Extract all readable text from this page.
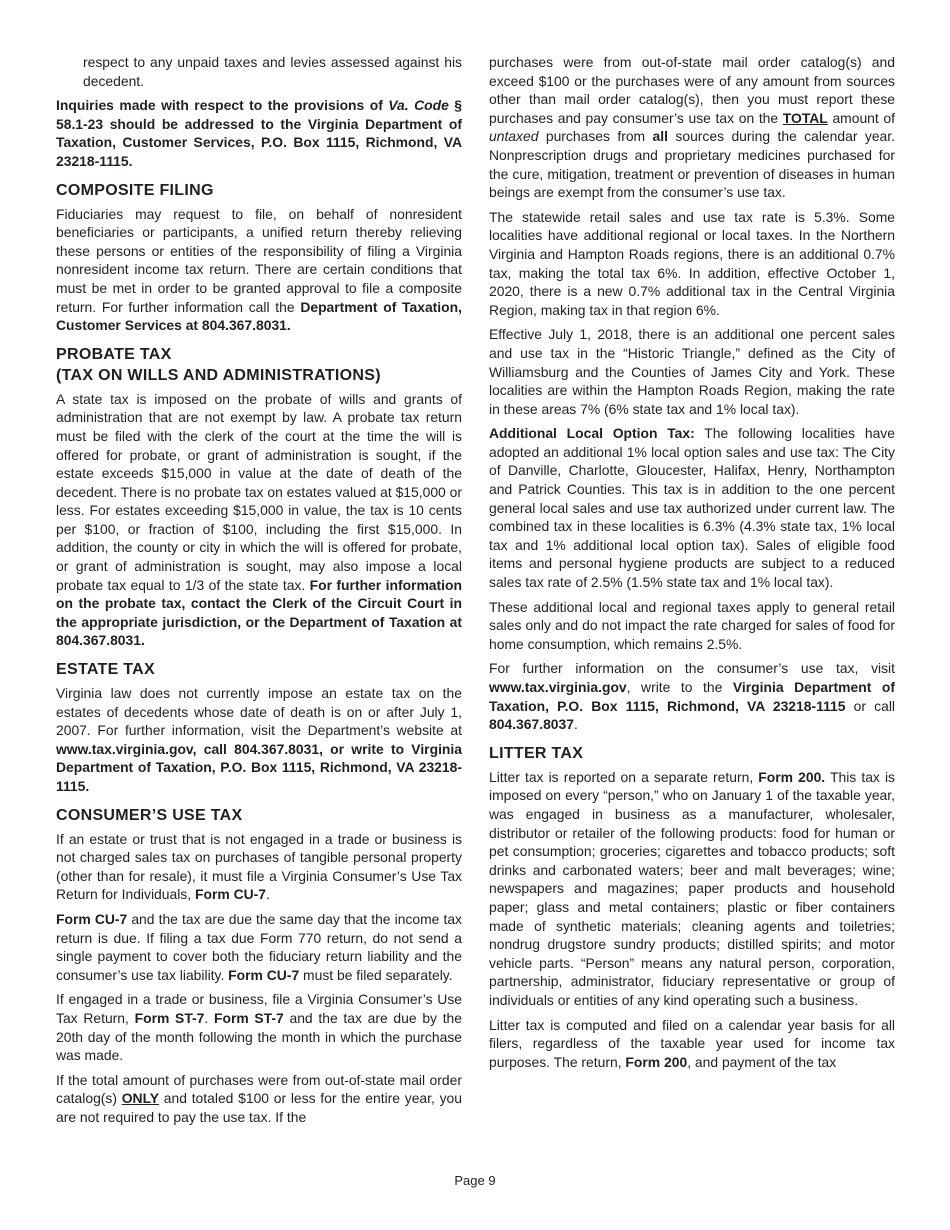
respect to any unpaid taxes and levies assessed against his decedent.

Inquiries made with respect to the provisions of Va. Code § 58.1-23 should be addressed to the Virginia Department of Taxation, Customer Services, P.O. Box 1115, Richmond, VA 23218-1115.

COMPOSITE FILING

Fiduciaries may request to file, on behalf of nonresident beneficiaries or participants, a unified return thereby relieving these persons or entities of the responsibility of filing a Virginia nonresident income tax return. There are certain conditions that must be met in order to be granted approval to file a composite return. For further information call the Department of Taxation, Customer Services at 804.367.8031.

PROBATE TAX
(TAX ON WILLS AND ADMINISTRATIONS)

A state tax is imposed on the probate of wills and grants of administration that are not exempt by law. A probate tax return must be filed with the clerk of the court at the time the will is offered for probate, or grant of administration is sought, if the estate exceeds $15,000 in value at the date of death of the decedent. There is no probate tax on estates valued at $15,000 or less. For estates exceeding $15,000 in value, the tax is 10 cents per $100, or fraction of $100, including the first $15,000. In addition, the county or city in which the will is offered for probate, or grant of administration is sought, may also impose a local probate tax equal to 1/3 of the state tax. For further information on the probate tax, contact the Clerk of the Circuit Court in the appropriate jurisdiction, or the Department of Taxation at 804.367.8031.

ESTATE TAX

Virginia law does not currently impose an estate tax on the estates of decedents whose date of death is on or after July 1, 2007. For further information, visit the Department’s website at www.tax.virginia.gov, call 804.367.8031, or write to Virginia Department of Taxation, P.O. Box 1115, Richmond, VA 23218-1115.

CONSUMER’S USE TAX

If an estate or trust that is not engaged in a trade or business is not charged sales tax on purchases of tangible personal property (other than for resale), it must file a Virginia Consumer’s Use Tax Return for Individuals, Form CU-7.

Form CU-7 and the tax are due the same day that the income tax return is due. If filing a tax due Form 770 return, do not send a single payment to cover both the fiduciary return liability and the consumer’s use tax liability. Form CU-7 must be filed separately.

If engaged in a trade or business, file a Virginia Consumer’s Use Tax Return, Form ST-7. Form ST-7 and the tax are due by the 20th day of the month following the month in which the purchase was made.

If the total amount of purchases were from out-of-state mail order catalog(s) ONLY and totaled $100 or less for the entire year, you are not required to pay the use tax. If the

purchases were from out-of-state mail order catalog(s) and exceed $100 or the purchases were of any amount from sources other than mail order catalog(s), then you must report these purchases and pay consumer’s use tax on the TOTAL amount of untaxed purchases from all sources during the calendar year. Nonprescription drugs and proprietary medicines purchased for the cure, mitigation, treatment or prevention of diseases in human beings are exempt from the consumer’s use tax.

The statewide retail sales and use tax rate is 5.3%. Some localities have additional regional or local taxes. In the Northern Virginia and Hampton Roads regions, there is an additional 0.7% tax, making the total tax 6%. In addition, effective October 1, 2020, there is a new 0.7% additional tax in the Central Virginia Region, making tax in that region 6%.

Effective July 1, 2018, there is an additional one percent sales and use tax in the “Historic Triangle,” defined as the City of Williamsburg and the Counties of James City and York. These localities are within the Hampton Roads Region, making the rate in these areas 7% (6% state tax and 1% local tax).

Additional Local Option Tax: The following localities have adopted an additional 1% local option sales and use tax: The City of Danville, Charlotte, Gloucester, Halifax, Henry, Northampton and Patrick Counties. This tax is in addition to the one percent general local sales and use tax authorized under current law. The combined tax in these localities is 6.3% (4.3% state tax, 1% local tax and 1% additional local option tax). Sales of eligible food items and personal hygiene products are subject to a reduced sales tax rate of 2.5% (1.5% state tax and 1% local tax).

These additional local and regional taxes apply to general retail sales only and do not impact the rate charged for sales of food for home consumption, which remains 2.5%.

For further information on the consumer’s use tax, visit www.tax.virginia.gov, write to the Virginia Department of Taxation, P.O. Box 1115, Richmond, VA 23218-1115 or call 804.367.8037.

LITTER TAX

Litter tax is reported on a separate return, Form 200. This tax is imposed on every “person,” who on January 1 of the taxable year, was engaged in business as a manufacturer, wholesaler, distributor or retailer of the following products: food for human or pet consumption; groceries; cigarettes and tobacco products; soft drinks and carbonated waters; beer and malt beverages; wine; newspapers and magazines; paper products and household paper; glass and metal containers; plastic or fiber containers made of synthetic materials; cleaning agents and toiletries; nondrug drugstore sundry products; distilled spirits; and motor vehicle parts. “Person” means any natural person, corporation, partnership, administrator, fiduciary representative or group of individuals or entities of any kind operating such a business.

Litter tax is computed and filed on a calendar year basis for all filers, regardless of the taxable year used for income tax purposes. The return, Form 200, and payment of the tax

Page 9
